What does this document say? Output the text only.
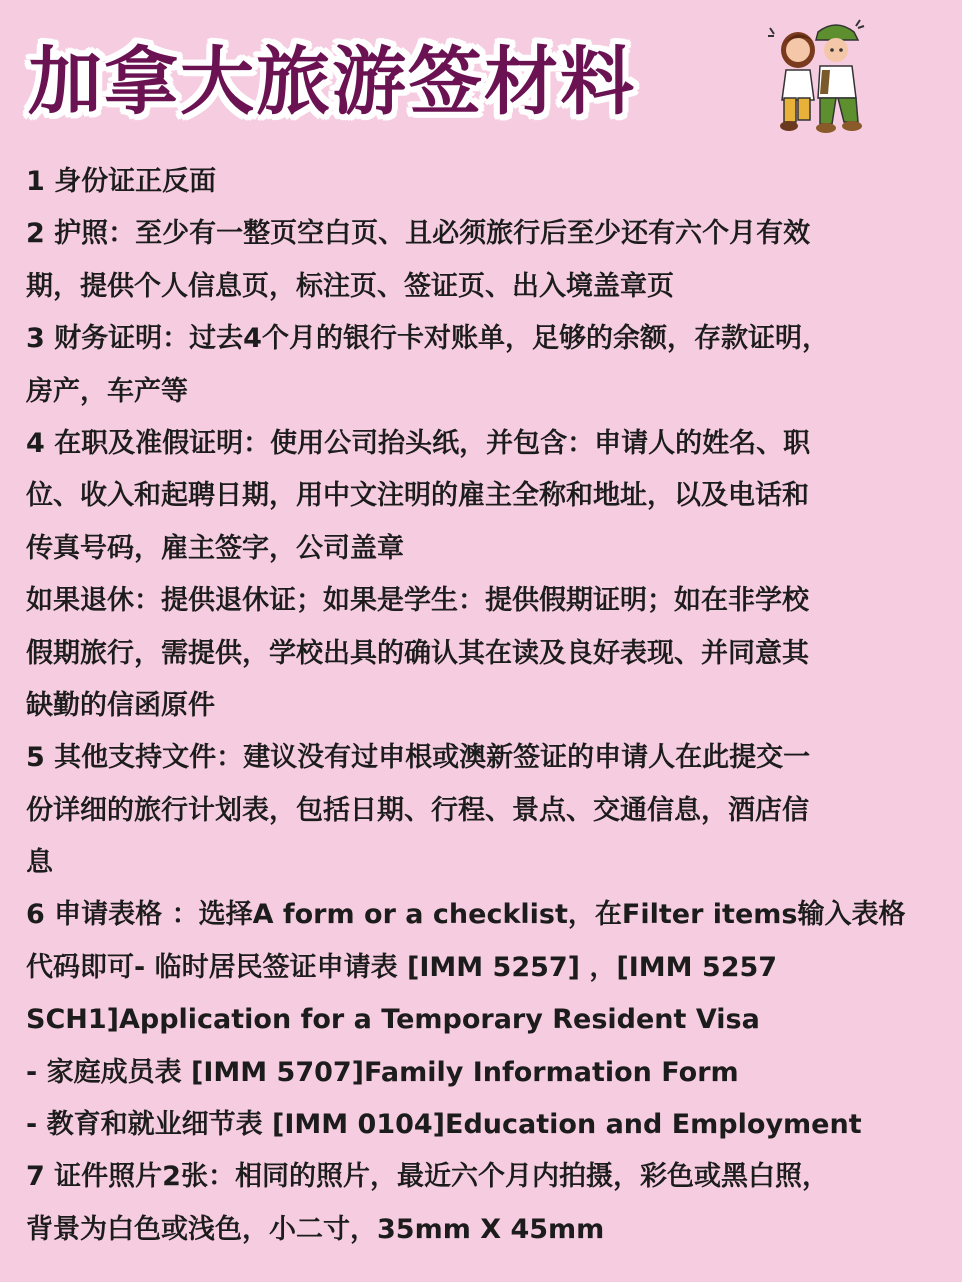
加拿大旅游签材料
1 身份证正反面
2 护照：至少有一整页空白页、且必须旅行后至少还有六个月有效
期，提供个人信息页，标注页、签证页、出入境盖章页
3 财务证明：过去4个月的银行卡对账单，足够的余额，存款证明，
房产，车产等
4 在职及准假证明：使用公司抬头纸，并包含：申请人的姓名、职
位、收入和起聘日期，用中文注明的雇主全称和地址，以及电话和
传真号码，雇主签字，公司盖章
如果退休：提供退休证；如果是学生：提供假期证明；如在非学校
假期旅行，需提供，学校出具的确认其在读及良好表现、并同意其
缺勤的信函原件
5 其他支持文件：建议没有过申根或澳新签证的申请人在此提交一
份详细的旅行计划表，包括日期、行程、景点、交通信息，酒店信
息
6 申请表格 ：选择A form or a checklist，在Filter items输入表格
代码即可- 临时居民签证申请表 [IMM 5257] ，[IMM 5257
SCH1]Application for a Temporary Resident Visa
- 家庭成员表 [IMM 5707]Family Information Form
- 教育和就业细节表 [IMM 0104]Education and Employment
7 证件照片2张：相同的照片，最近六个月内拍摄，彩色或黑白照，
背景为白色或浅色，小二寸，35mm X 45mm
